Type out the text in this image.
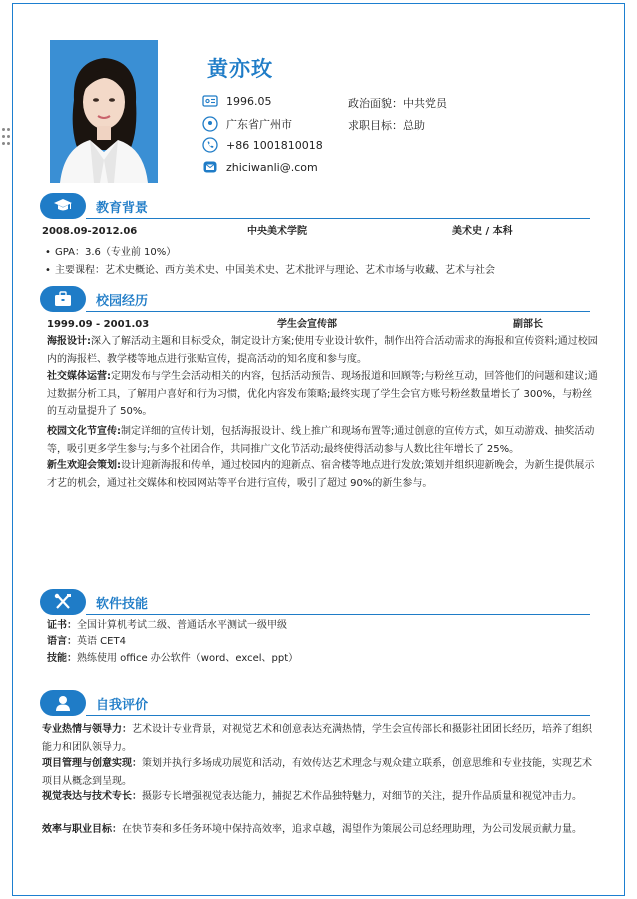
黄亦玫
1996.05
广东省广州市
+86 1001810018
zhiciwanli@.com
政治面貌：中共党员
求职目标：总助
教育背景
2008.09-2012.06	中央美术学院	美术史 / 本科
• GPA：3.6（专业前 10%）
• 主要课程：艺术史概论、西方美术史、中国美术史、艺术批评与理论、艺术市场与收藏、艺术与社会
校园经历
1999.09 - 2001.03	学生会宣传部	副部长
海报设计:深入了解活动主题和目标受众，制定设计方案;使用专业设计软件，制作出符合活动需求的海报和宣传资料;通过校园内的海报栏、教学楼等地点进行张贴宣传，提高活动的知名度和参与度。
社交媒体运营:定期发布与学生会活动相关的内容，包括活动预告、现场报道和回顾等;与粉丝互动，回答他们的问题和建议;通过数据分析工具，了解用户喜好和行为习惯，优化内容发布策略;最终实现了学生会官方账号粉丝数量增长了 300%，与粉丝的互动量提升了 50%。
校园文化节宣传:制定详细的宣传计划，包括海报设计、线上推广和现场布置等;通过创意的宣传方式，如互动游戏、抽奖活动等，吸引更多学生参与;与多个社团合作，共同推广文化节活动;最终使得活动参与人数比往年增长了 25%。
新生欢迎会策划:设计迎新海报和传单，通过校园内的迎新点、宿舍楼等地点进行发放;策划并组织迎新晚会，为新生提供展示才艺的机会，通过社交媒体和校园网站等平台进行宣传，吸引了超过 90%的新生参与。
软件技能
证书：全国计算机考试二级、普通话水平测试一级甲级
语言：英语 CET4
技能：熟练使用 office 办公软件（word、excel、ppt）
自我评价
专业热情与领导力：艺术设计专业背景，对视觉艺术和创意表达充满热情，学生会宣传部长和摄影社团团长经历，培养了组织能力和团队领导力。
项目管理与创意实现：策划并执行多场成功展览和活动，有效传达艺术理念与观众建立联系，创意思维和专业技能，实现艺术项目从概念到呈现。
视觉表达与技术专长：摄影专长增强视觉表达能力，捕捉艺术作品独特魅力，对细节的关注，提升作品质量和视觉冲击力。
效率与职业目标：在快节奏和多任务环境中保持高效率，追求卓越，渴望作为策展公司总经理助理，为公司发展贡献力量。
